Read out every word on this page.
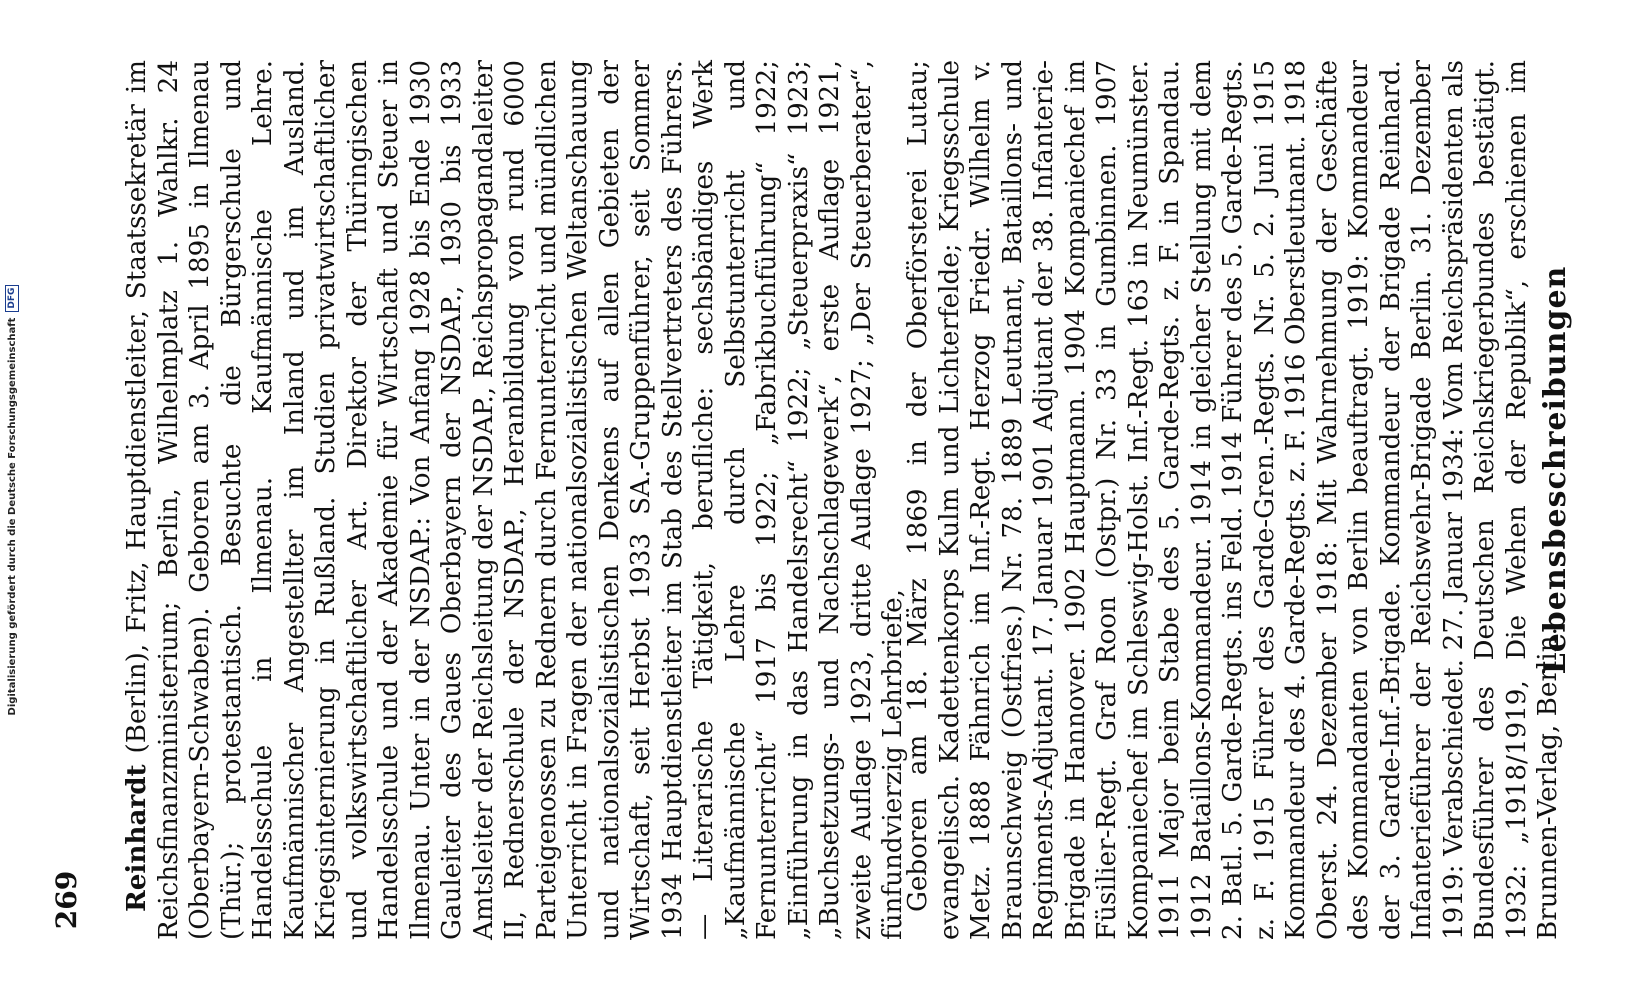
Lebensbeschreibungen

Geboren am 18. März 1869 in der Oberförsterei Lutau; evangelisch. Kadettenkorps Kulm und Lichterfelde; Kriegsschule Metz. 1888 Fähnrich im Inf.-Regt. Herzog Friedr. Wilhelm v. Braunschweig (Ostfries.) Nr. 78. 1889 Leutnant, Bataillons- und Regiments-Adjutant. 17. Januar 1901 Adjutant der 38. Infanterie-Brigade in Hannover. 1902 Hauptmann. 1904 Kompaniechef im Füsilier-Regt. Graf Roon (Ostpr.) Nr. 33 in Gumbinnen. 1907 Kompaniechef im Schleswig-Holst. Inf.-Regt. 163 in Neumünster. 1911 Major beim Stabe des 5. Garde-Regts. z. F. in Spandau. 1912 Bataillons-Kommandeur. 1914 in gleicher Stellung mit dem 2. Batl. 5. Garde-Regts. ins Feld. 1914 Führer des 5. Garde-Regts. z. F. 1915 Führer des Garde-Gren.-Regts. Nr. 5. 2. Juni 1915 Kommandeur des 4. Garde-Regts. z. F. 1916 Oberstleutnant. 1918 Oberst. 24. Dezember 1918: Mit Wahrnehmung der Geschäfte des Kommandanten von Berlin beauftragt. 1919: Kommandeur der 3. Garde-Inf.-Brigade. Kommandeur der Brigade Reinhard. Infanterieführer der Reichswehr-Brigade Berlin. 31. Dezember 1919: Verabschiedet. 27. Januar 1934: Vom Reichspräsidenten als Bundesführer des Deutschen Reichskriegerbundes bestätigt. 1932: „1918/1919, Die Wehen der Republik“, erschienen im Brunnen-Verlag, Berlin.

Reinhardt (Berlin), Fritz, Hauptdienstleiter, Staatssekretär im Reichsfinanzministerium; Berlin, Wilhelmplatz 1. Wahlkr. 24 (Oberbayern-Schwaben). Geboren am 3. April 1895 in Ilmenau (Thür.); protestantisch. Besuchte die Bürgerschule und Handelsschule in Ilmenau. Kaufmännische Lehre. Kaufmännischer Angestellter im Inland und im Ausland. Kriegsinternierung in Rußland. Studien privatwirtschaftlicher und volkswirtschaftlicher Art. Direktor der Thüringischen Handelsschule und der Akademie für Wirtschaft und Steuer in Ilmenau. Unter in der NSDAP.: Von Anfang 1928 bis Ende 1930 Gauleiter des Gaues Oberbayern der NSDAP., 1930 bis 1933 Amtsleiter der Reichsleitung der NSDAP., Reichspropagandaleiter II, Rednerschule der NSDAP., Heranbildung von rund 6000 Parteigenossen zu Rednern durch Fernunterricht und mündlichen Unterricht in Fragen der nationalsozialistischen Weltanschauung und nationalsozialistischen Denkens auf allen Gebieten der Wirtschaft, seit Herbst 1933 SA.-Gruppenführer, seit Sommer 1934 Hauptdienstleiter im Stab des Stellvertreters des Führers. — Literarische Tätigkeit, berufliche: sechsbändiges Werk „Kaufmännische Lehre durch Selbstunterricht und Fernunterricht“ 1917 bis 1922; „Fabrikbuchführung“ 1922; „Einführung in das Handelsrecht“ 1922; „Steuerpraxis“ 1923; „Buchsetzungs- und Nachschlagewerk“, erste Auflage 1921, zweite Auflage 1923, dritte Auflage 1927; „Der Steuerberater“, fünfundvierzig Lehrbriefe,

269
Digitalisierung gefördert durch die Deutsche Forschungsgemeinschaft
DFG
